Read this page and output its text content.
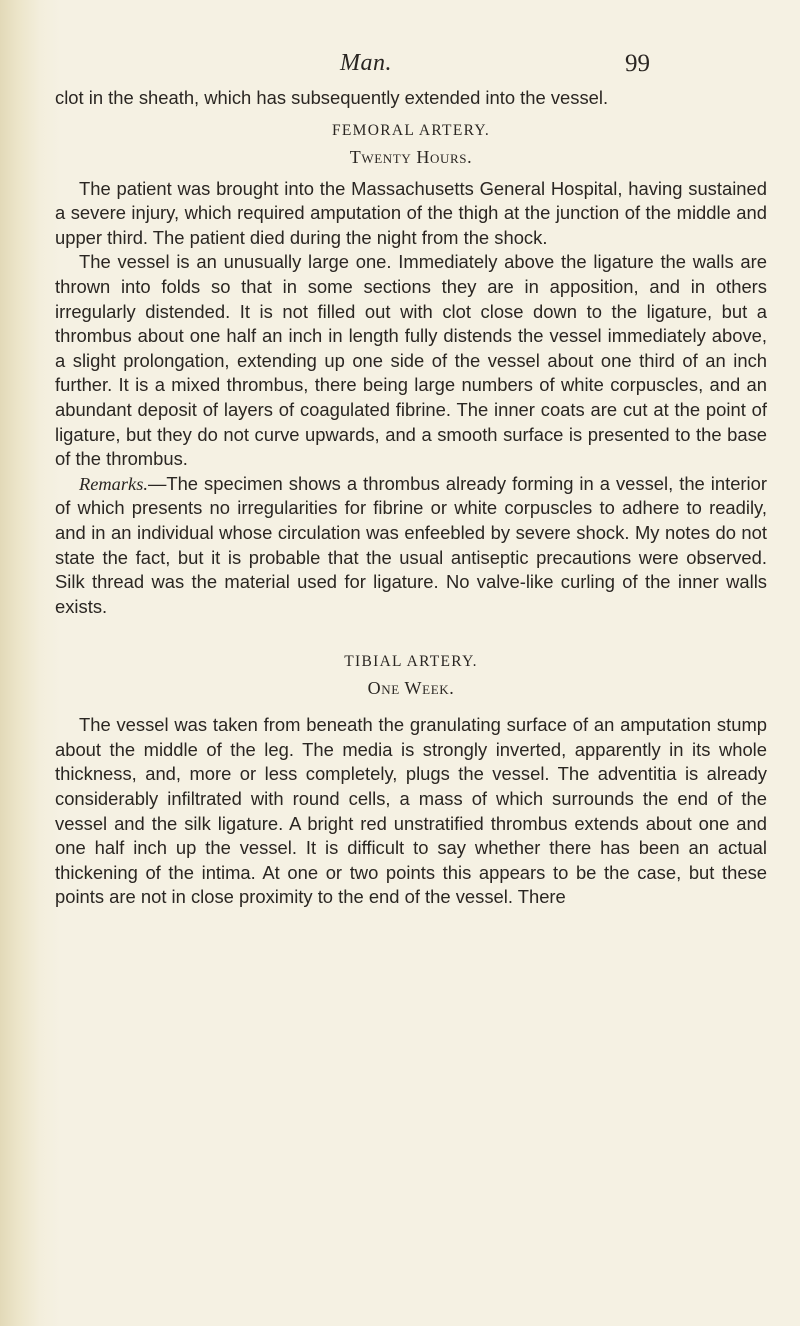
Man.	99

clot in the sheath, which has subsequently extended into the vessel.

FEMORAL ARTERY.
Twenty Hours.

The patient was brought into the Massachusetts General Hospital, having sustained a severe injury, which required amputation of the thigh at the junction of the middle and upper third. The patient died during the night from the shock.

The vessel is an unusually large one. Immediately above the ligature the walls are thrown into folds so that in some sections they are in apposition, and in others irregularly distended. It is not filled out with clot close down to the ligature, but a thrombus about one half an inch in length fully distends the vessel immediately above, a slight prolongation, extending up one side of the vessel about one third of an inch further. It is a mixed thrombus, there being large numbers of white corpuscles, and an abundant deposit of layers of coagulated fibrine. The inner coats are cut at the point of ligature, but they do not curve upwards, and a smooth surface is presented to the base of the thrombus.

Remarks.—The specimen shows a thrombus already forming in a vessel, the interior of which presents no irregularities for fibrine or white corpuscles to adhere to readily, and in an individual whose circulation was enfeebled by severe shock. My notes do not state the fact, but it is probable that the usual antiseptic precautions were observed. Silk thread was the material used for ligature. No valve-like curling of the inner walls exists.

TIBIAL ARTERY.
One Week.

The vessel was taken from beneath the granulating surface of an amputation stump about the middle of the leg. The media is strongly inverted, apparently in its whole thickness, and, more or less completely, plugs the vessel. The adventitia is already considerably infiltrated with round cells, a mass of which surrounds the end of the vessel and the silk ligature. A bright red unstratified thrombus extends about one and one half inch up the vessel. It is difficult to say whether there has been an actual thickening of the intima. At one or two points this appears to be the case, but these points are not in close proximity to the end of the vessel. There
